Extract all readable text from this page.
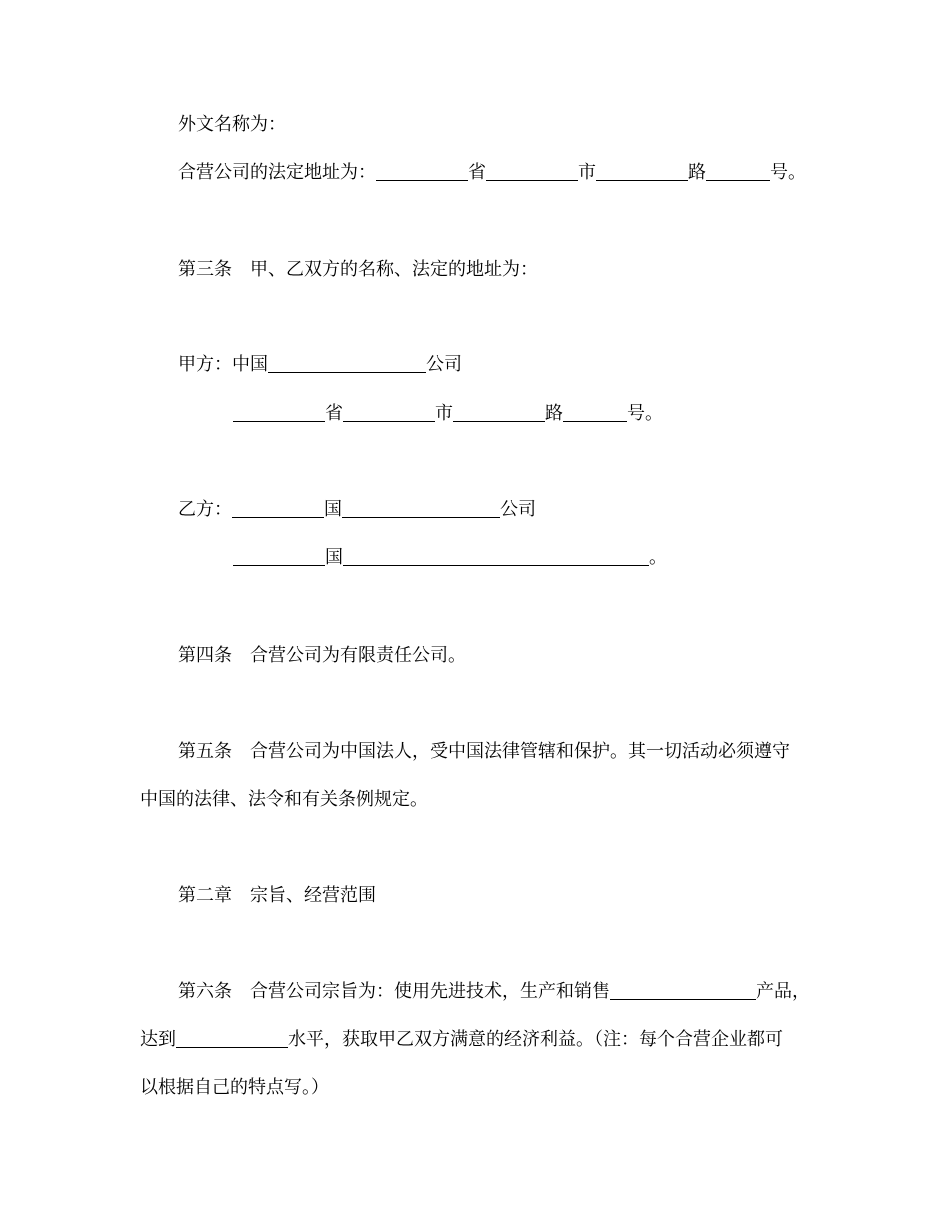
外文名称为：
合营公司的法定地址为：	省	市	路	号。
第三条　甲、乙双方的名称、法定的地址为：
甲方：中国	公司
省	市	路	号。
乙方：	国	公司
国	。
第四条　合营公司为有限责任公司。
第五条　合营公司为中国法人，受中国法律管辖和保护。其一切活动必须遵守
中国的法律、法令和有关条例规定。
第二章　宗旨、经营范围
第六条　合营公司宗旨为：使用先进技术，生产和销售	产品，
达到	水平，获取甲乙双方满意的经济利益。（注：每个合营企业都可
以根据自己的特点写。）
